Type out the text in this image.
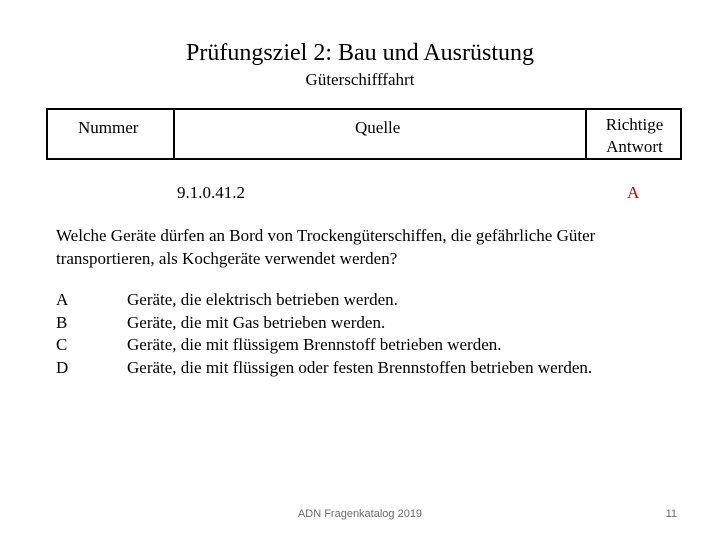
Prüfungsziel 2: Bau und Ausrüstung
Güterschifffahrt
Nummer	Quelle	Richtige
Antwort
9.1.0.41.2	A
Welche Geräte dürfen an Bord von Trockengüterschiffen, die gefährliche Güter transportieren, als Kochgeräte verwendet werden?
A	Geräte, die elektrisch betrieben werden.
B	Geräte, die mit Gas betrieben werden.
C	Geräte, die mit flüssigem Brennstoff betrieben werden.
D	Geräte, die mit flüssigen oder festen Brennstoffen betrieben werden.
ADN Fragenkatalog 2019	11
